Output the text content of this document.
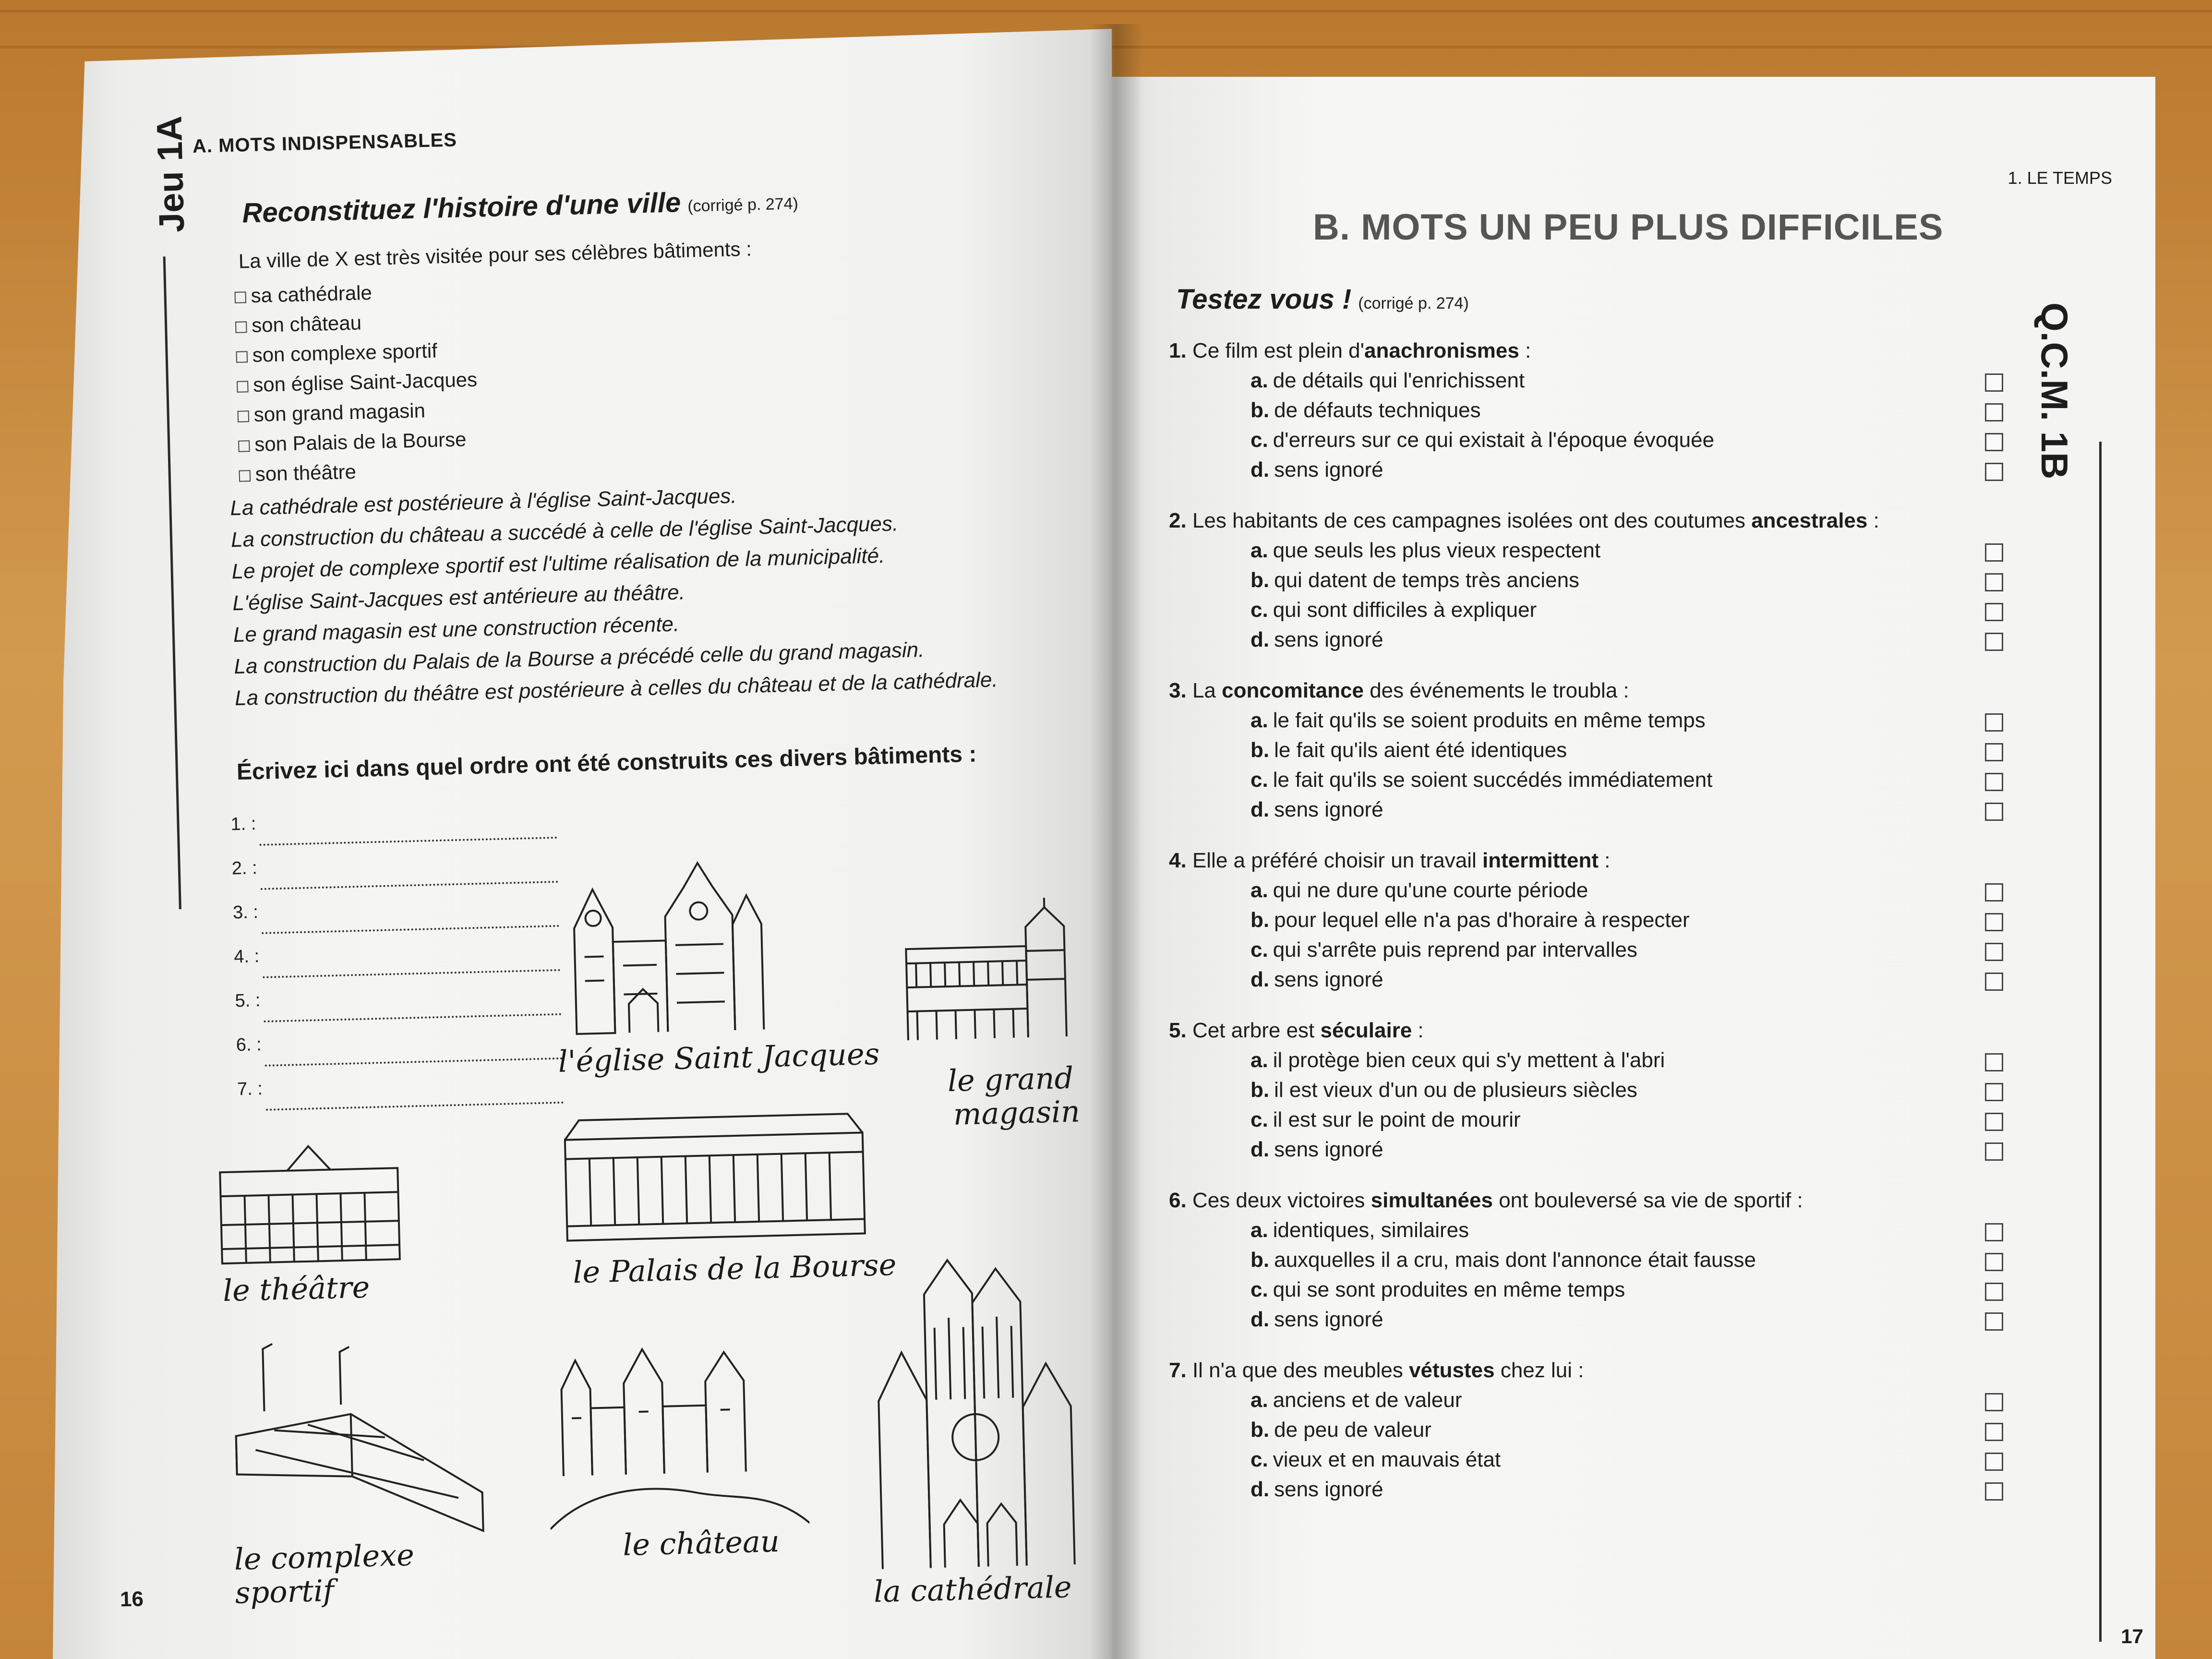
A. MOTS INDISPENSABLES
Jeu 1A Reconstituez l'histoire d'une ville (corrigé p. 274)
La ville de X est très visitée pour ses célèbres bâtiments :
sa cathédrale
son château
son complexe sportif
son église Saint-Jacques
son grand magasin
son Palais de la Bourse
son théâtre
La cathédrale est postérieure à l'église Saint-Jacques.
La construction du château a succédé à celle de l'église Saint-Jacques.
Le projet de complexe sportif est l'ultime réalisation de la municipalité.
L'église Saint-Jacques est antérieure au théâtre.
Le grand magasin est une construction récente.
La construction du Palais de la Bourse a précédé celle du grand magasin.
La construction du théâtre est postérieure à celles du château et de la cathédrale.
Écrivez ici dans quel ordre ont été construits ces divers bâtiments :
1. :
2. :
3. :
4. :
5. :
6. :
7. :
l'église Saint Jacques
le grand
magasin
le théâtre	le Palais de la Bourse
le complexe
sportif
le château
la cathédrale
16
1. LE TEMPS
Q.C.M. 1B
B. MOTS UN PEU PLUS DIFFICILES
Testez vous ! (corrigé p. 274)
1. Ce film est plein d'anachronismes :
a. de détails qui l'enrichissent
b. de défauts techniques
c. d'erreurs sur ce qui existait à l'époque évoquée
d. sens ignoré
2. Les habitants de ces campagnes isolées ont des coutumes ancestrales :
a. que seuls les plus vieux respectent
b. qui datent de temps très anciens
c. qui sont difficiles à expliquer
d. sens ignoré
3. La concomitance des événements le troubla :
a. le fait qu'ils se soient produits en même temps
b. le fait qu'ils aient été identiques
c. le fait qu'ils se soient succédés immédiatement
d. sens ignoré
4. Elle a préféré choisir un travail intermittent :
a. qui ne dure qu'une courte période
b. pour lequel elle n'a pas d'horaire à respecter
c. qui s'arrête puis reprend par intervalles
d. sens ignoré
5. Cet arbre est séculaire :
a. il protège bien ceux qui s'y mettent à l'abri
b. il est vieux d'un ou de plusieurs siècles
c. il est sur le point de mourir
d. sens ignoré
6. Ces deux victoires simultanées ont bouleversé sa vie de sportif :
a. identiques, similaires
b. auxquelles il a cru, mais dont l'annonce était fausse
c. qui se sont produites en même temps
d. sens ignoré
7. Il n'a que des meubles vétustes chez lui :
a. anciens et de valeur
b. de peu de valeur
c. vieux et en mauvais état
d. sens ignoré
17
